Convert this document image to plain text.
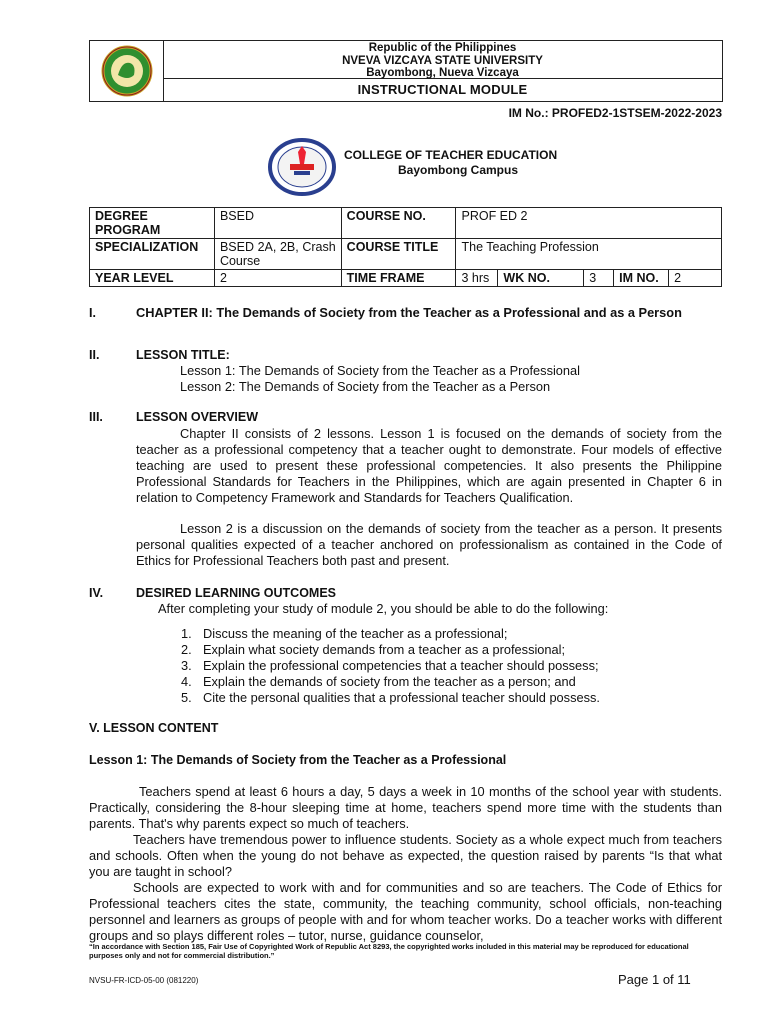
Republic of the Philippines
NVEVA VIZCAYA STATE UNIVERSITY
Bayombong, Nueva Vizcaya
INSTRUCTIONAL MODULE
IM No.: PROFED2-1STSEM-2022-2023
COLLEGE OF TEACHER EDUCATION
Bayombong Campus
DEGREE PROGRAM	BSED	COURSE NO.	PROF ED 2				
SPECIALIZATION	BSED 2A, 2B, Crash Course	COURSE TITLE	The Teaching Profession				
YEAR LEVEL	2	TIME FRAME	3 hrs	WK NO.	3	IM NO.	2
I.	CHAPTER II: The Demands of Society from the Teacher as a Professional and as a Person
II.	LESSON TITLE:
Lesson 1: The Demands of Society from the Teacher as a Professional
Lesson 2: The Demands of Society from the Teacher as a Person
III.	LESSON OVERVIEW
Chapter II consists of 2 lessons. Lesson 1 is focused on the demands of society from the teacher as a professional competency that a teacher ought to demonstrate. Four models of effective teaching are used to present these professional competencies. It also presents the Philippine Professional Standards for Teachers in the Philippines, which are again presented in Chapter 6 in relation to Competency Framework and Standards for Teachers Qualification.
Lesson 2 is a discussion on the demands of society from the teacher as a person. It presents personal qualities expected of a teacher anchored on professionalism as contained in the Code of Ethics for Professional Teachers both past and present.
IV.	DESIRED LEARNING OUTCOMES
After completing your study of module 2, you should be able to do the following:
1. Discuss the meaning of the teacher as a professional;
2. Explain what society demands from a teacher as a professional;
3. Explain the professional competencies that a teacher should possess;
4. Explain the demands of society from the teacher as a person; and
5. Cite the personal qualities that a professional teacher should possess.
V. LESSON CONTENT
Lesson 1: The Demands of Society from the Teacher as a Professional
Teachers spend at least 6 hours a day, 5 days a week in 10 months of the school year with students. Practically, considering the 8-hour sleeping time at home, teachers spend more time with the students than parents. That's why parents expect so much of teachers.
Teachers have tremendous power to influence students. Society as a whole expect much from teachers and schools. Often when the young do not behave as expected, the question raised by parents “Is that what you are taught in school?
Schools are expected to work with and for communities and so are teachers. The Code of Ethics for Professional teachers cites the state, community, the teaching community, school officials, non-teaching personnel and learners as groups of people with and for whom teacher works. Do a teacher works with different groups and so plays different roles – tutor, nurse, guidance counselor,
“In accordance with Section 185, Fair Use of Copyrighted Work of Republic Act 8293, the copyrighted works included in this material may be reproduced for educational purposes only and not for commercial distribution.”
NVSU-FR-ICD-05-00 (081220)	Page 1 of 11
